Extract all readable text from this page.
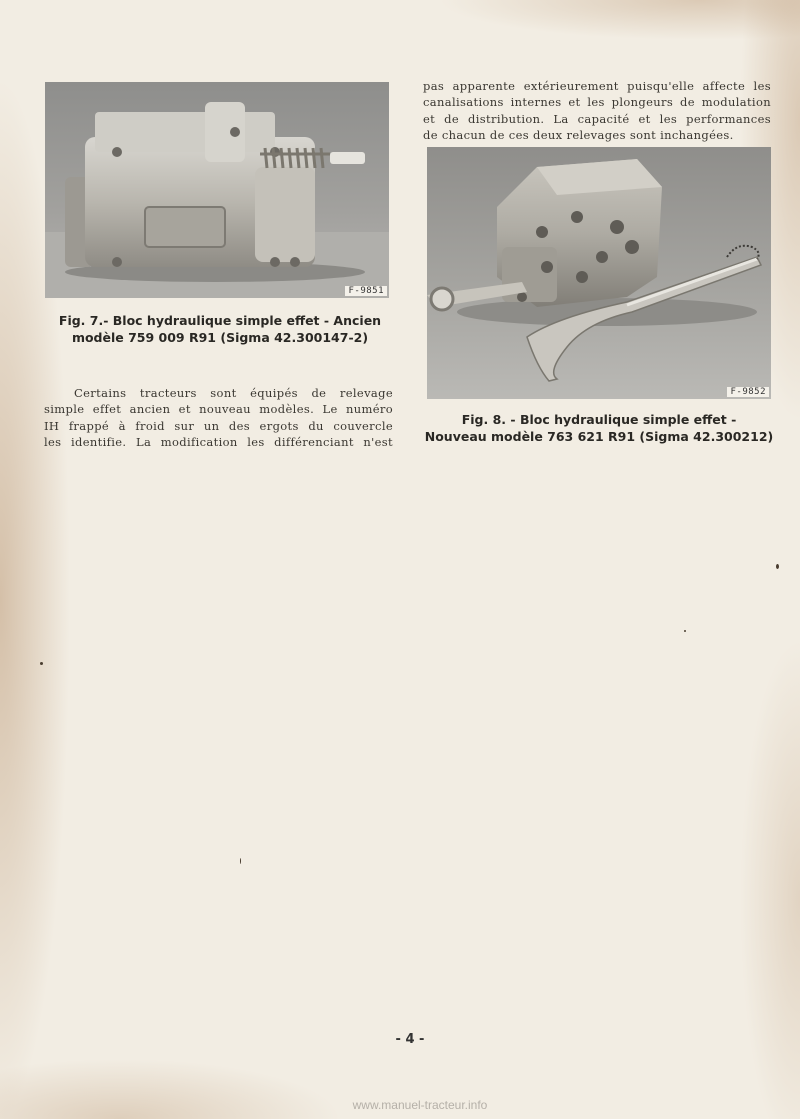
F-9851
Fig. 7.- Bloc hydraulique simple effet - Ancien
modèle 759 009 R91 (Sigma 42.300147-2)
Certains tracteurs sont équipés de relevage
simple effet ancien et nouveau modèles. Le numéro
IH frappé à froid sur un des ergots du couvercle
les identifie. La modification les différenciant n'est
pas apparente extérieurement puisqu'elle affecte les
canalisations internes et les plongeurs de modulation
et de distribution. La capacité et les performances
de chacun de ces deux relevages sont inchangées.
F-9852
Fig. 8. - Bloc hydraulique simple effet -
Nouveau modèle 763 621 R91 (Sigma 42.300212)
- 4 -
www.manuel-tracteur.info
